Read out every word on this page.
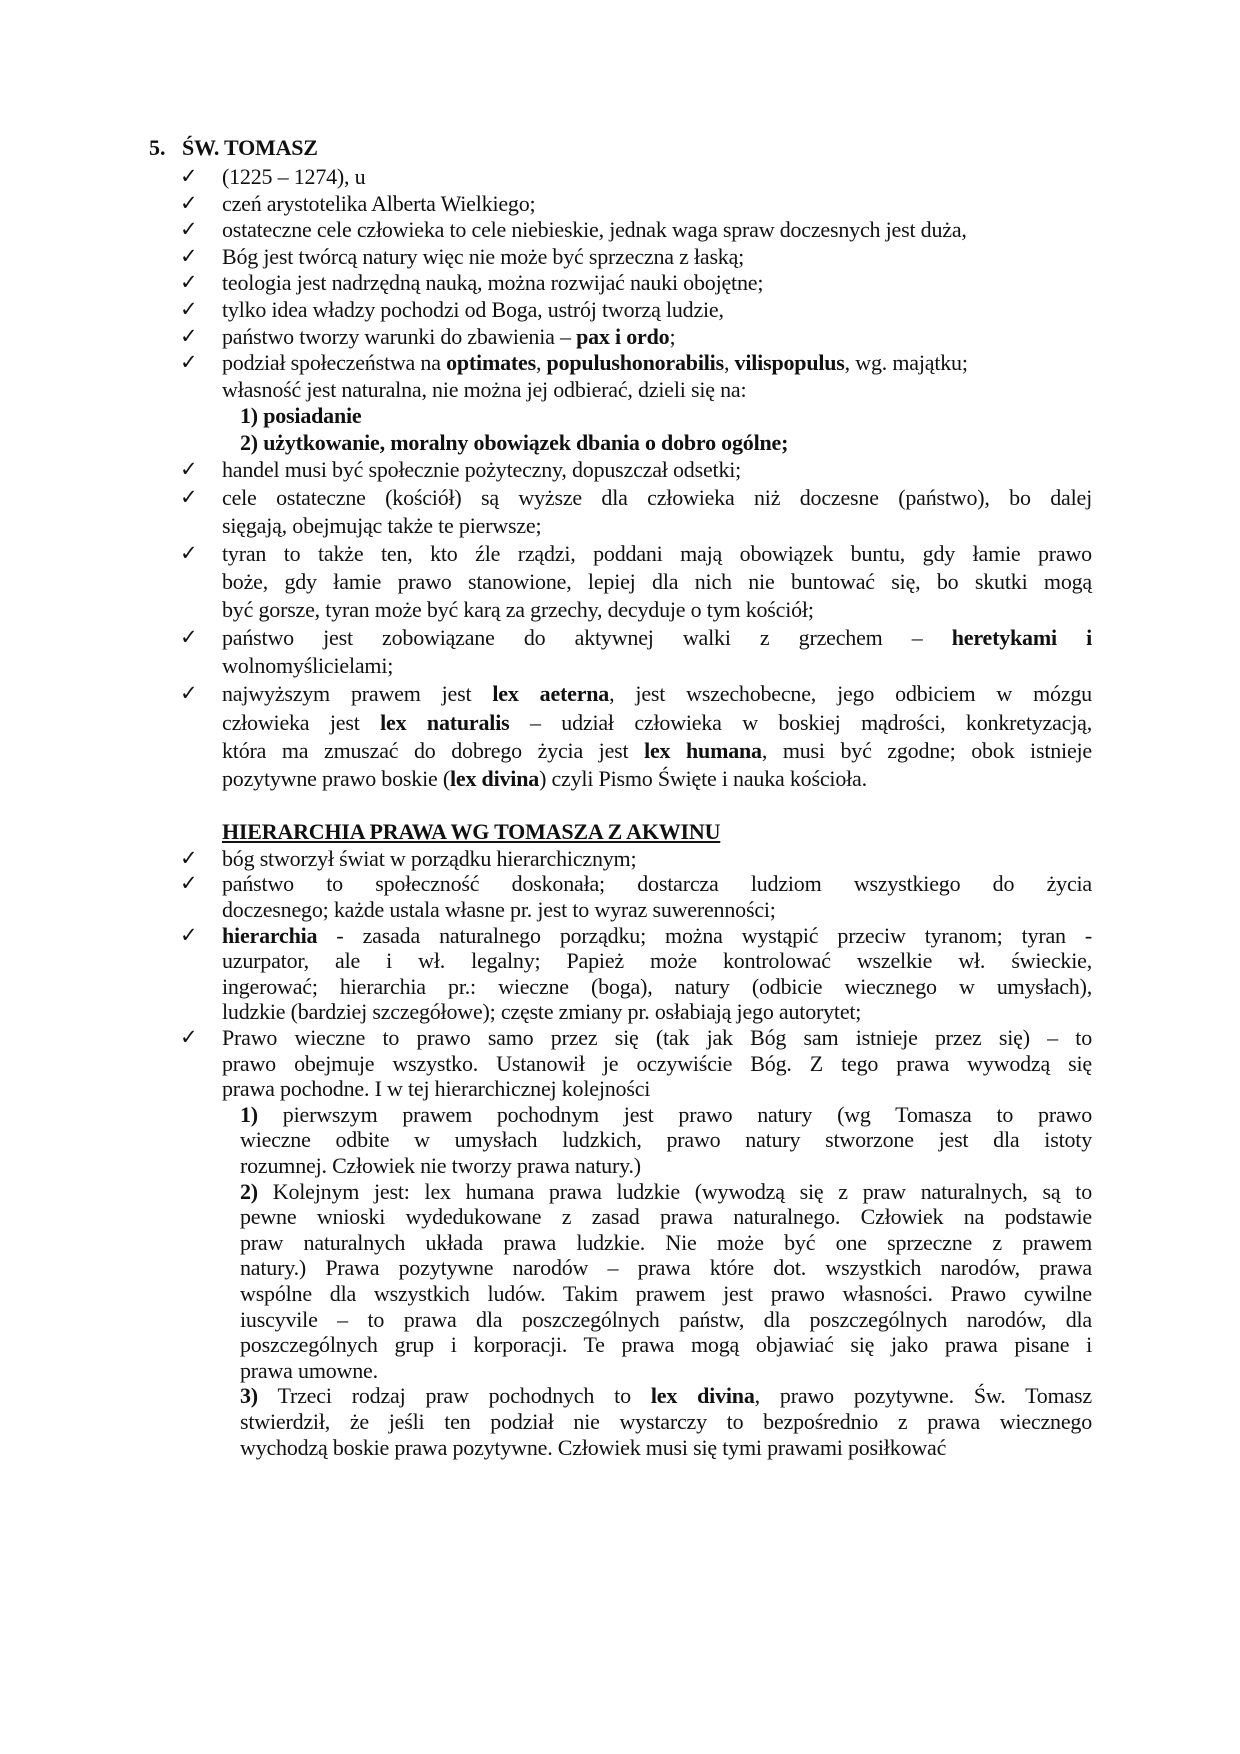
5. ŚW. TOMASZ
✓ (1225 – 1274), u
✓ czeń arystotelika Alberta Wielkiego;
✓ ostateczne cele człowieka to cele niebieskie, jednak waga spraw doczesnych jest duża,
✓ Bóg jest twórcą natury więc nie może być sprzeczna z łaską;
✓ teologia jest nadrzędną nauką, można rozwijać nauki obojętne;
✓ tylko idea władzy pochodzi od Boga, ustrój tworzą ludzie,
✓ państwo tworzy warunki do zbawienia – pax i ordo;
✓ podział społeczeństwa na optimates, populushonorabilis, vilispopulus, wg. majątku;
własność jest naturalna, nie można jej odbierać, dzieli się na:
1) posiadanie
2) użytkowanie, moralny obowiązek dbania o dobro ogólne;
✓ handel musi być społecznie pożyteczny, dopuszczał odsetki;
✓ cele ostateczne (kościół) są wyższe dla człowieka niż doczesne (państwo), bo dalej
sięgają, obejmując także te pierwsze;
✓ tyran to także ten, kto źle rządzi, poddani mają obowiązek buntu, gdy łamie prawo
boże, gdy łamie prawo stanowione, lepiej dla nich nie buntować się, bo skutki mogą
być gorsze, tyran może być karą za grzechy, decyduje o tym kościół;
✓ państwo jest zobowiązane do aktywnej walki z grzechem – heretykami i
wolnomyślicielami;
✓ najwyższym prawem jest lex aeterna, jest wszechobecne, jego odbiciem w mózgu
człowieka jest lex naturalis – udział człowieka w boskiej mądrości, konkretyzacją,
która ma zmuszać do dobrego życia jest lex humana, musi być zgodne; obok istnieje
pozytywne prawo boskie (lex divina) czyli Pismo Święte i nauka kościoła.
HIERARCHIA PRAWA WG TOMASZA Z AKWINU
✓ bóg stworzył świat w porządku hierarchicznym;
✓ państwo to społeczność doskonała; dostarcza ludziom wszystkiego do życia
doczesnego; każde ustala własne pr. jest to wyraz suwerenności;
✓ hierarchia - zasada naturalnego porządku; można wystąpić przeciw tyranom; tyran -
uzurpator, ale i wł. legalny; Papież może kontrolować wszelkie wł. świeckie,
ingerować; hierarchia pr.: wieczne (boga), natury (odbicie wiecznego w umysłach),
ludzkie (bardziej szczegółowe); częste zmiany pr. osłabiają jego autorytet;
✓ Prawo wieczne to prawo samo przez się (tak jak Bóg sam istnieje przez się) – to
prawo obejmuje wszystko. Ustanowił je oczywiście Bóg. Z tego prawa wywodzą się
prawa pochodne. I w tej hierarchicznej kolejności
1) pierwszym prawem pochodnym jest prawo natury (wg Tomasza to prawo
wieczne odbite w umysłach ludzkich, prawo natury stworzone jest dla istoty
rozumnej. Człowiek nie tworzy prawa natury.)
2) Kolejnym jest: lex humana prawa ludzkie (wywodzą się z praw naturalnych, są to
pewne wnioski wydedukowane z zasad prawa naturalnego. Człowiek na podstawie
praw naturalnych układa prawa ludzkie. Nie może być one sprzeczne z prawem
natury.) Prawa pozytywne narodów – prawa które dot. wszystkich narodów, prawa
wspólne dla wszystkich ludów. Takim prawem jest prawo własności. Prawo cywilne
iuscyvile – to prawa dla poszczególnych państw, dla poszczególnych narodów, dla
poszczególnych grup i korporacji. Te prawa mogą objawiać się jako prawa pisane i
prawa umowne.
3) Trzeci rodzaj praw pochodnych to lex divina, prawo pozytywne. Św. Tomasz
stwierdził, że jeśli ten podział nie wystarczy to bezpośrednio z prawa wiecznego
wychodzą boskie prawa pozytywne. Człowiek musi się tymi prawami posiłkować
